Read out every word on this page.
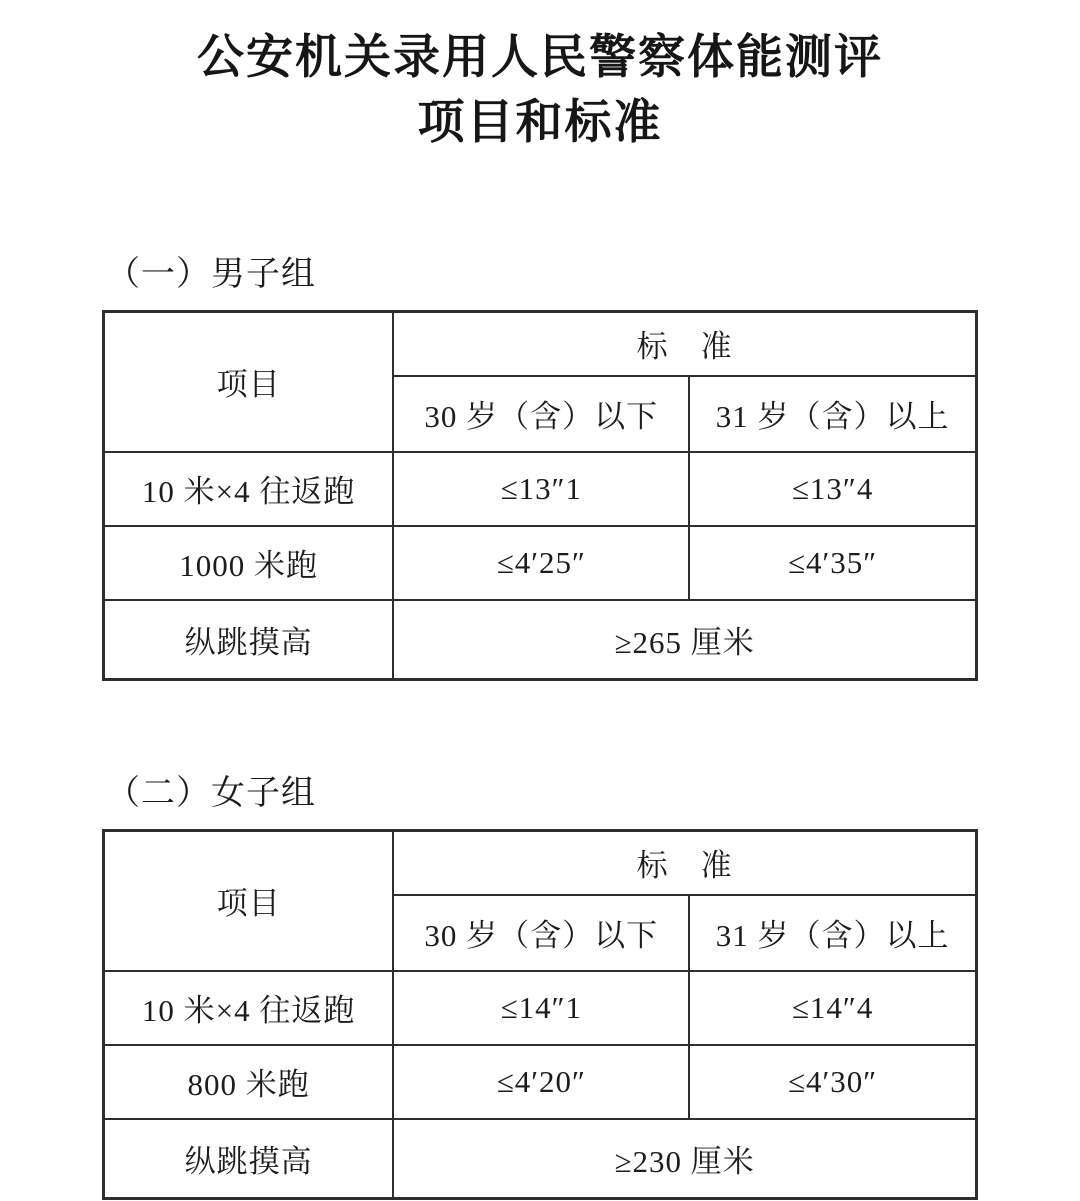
公安机关录用人民警察体能测评
项目和标准
（一）男子组
项目	标　准	
	30 岁（含）以下	31 岁（含）以上
10 米×4 往返跑	≤13″1	≤13″4
1000 米跑	≤4′25″	≤4′35″
纵跳摸高	≥265 厘米	
（二）女子组
项目	标　准	
	30 岁（含）以下	31 岁（含）以上
10 米×4 往返跑	≤14″1	≤14″4
800 米跑	≤4′20″	≤4′30″
纵跳摸高	≥230 厘米	
